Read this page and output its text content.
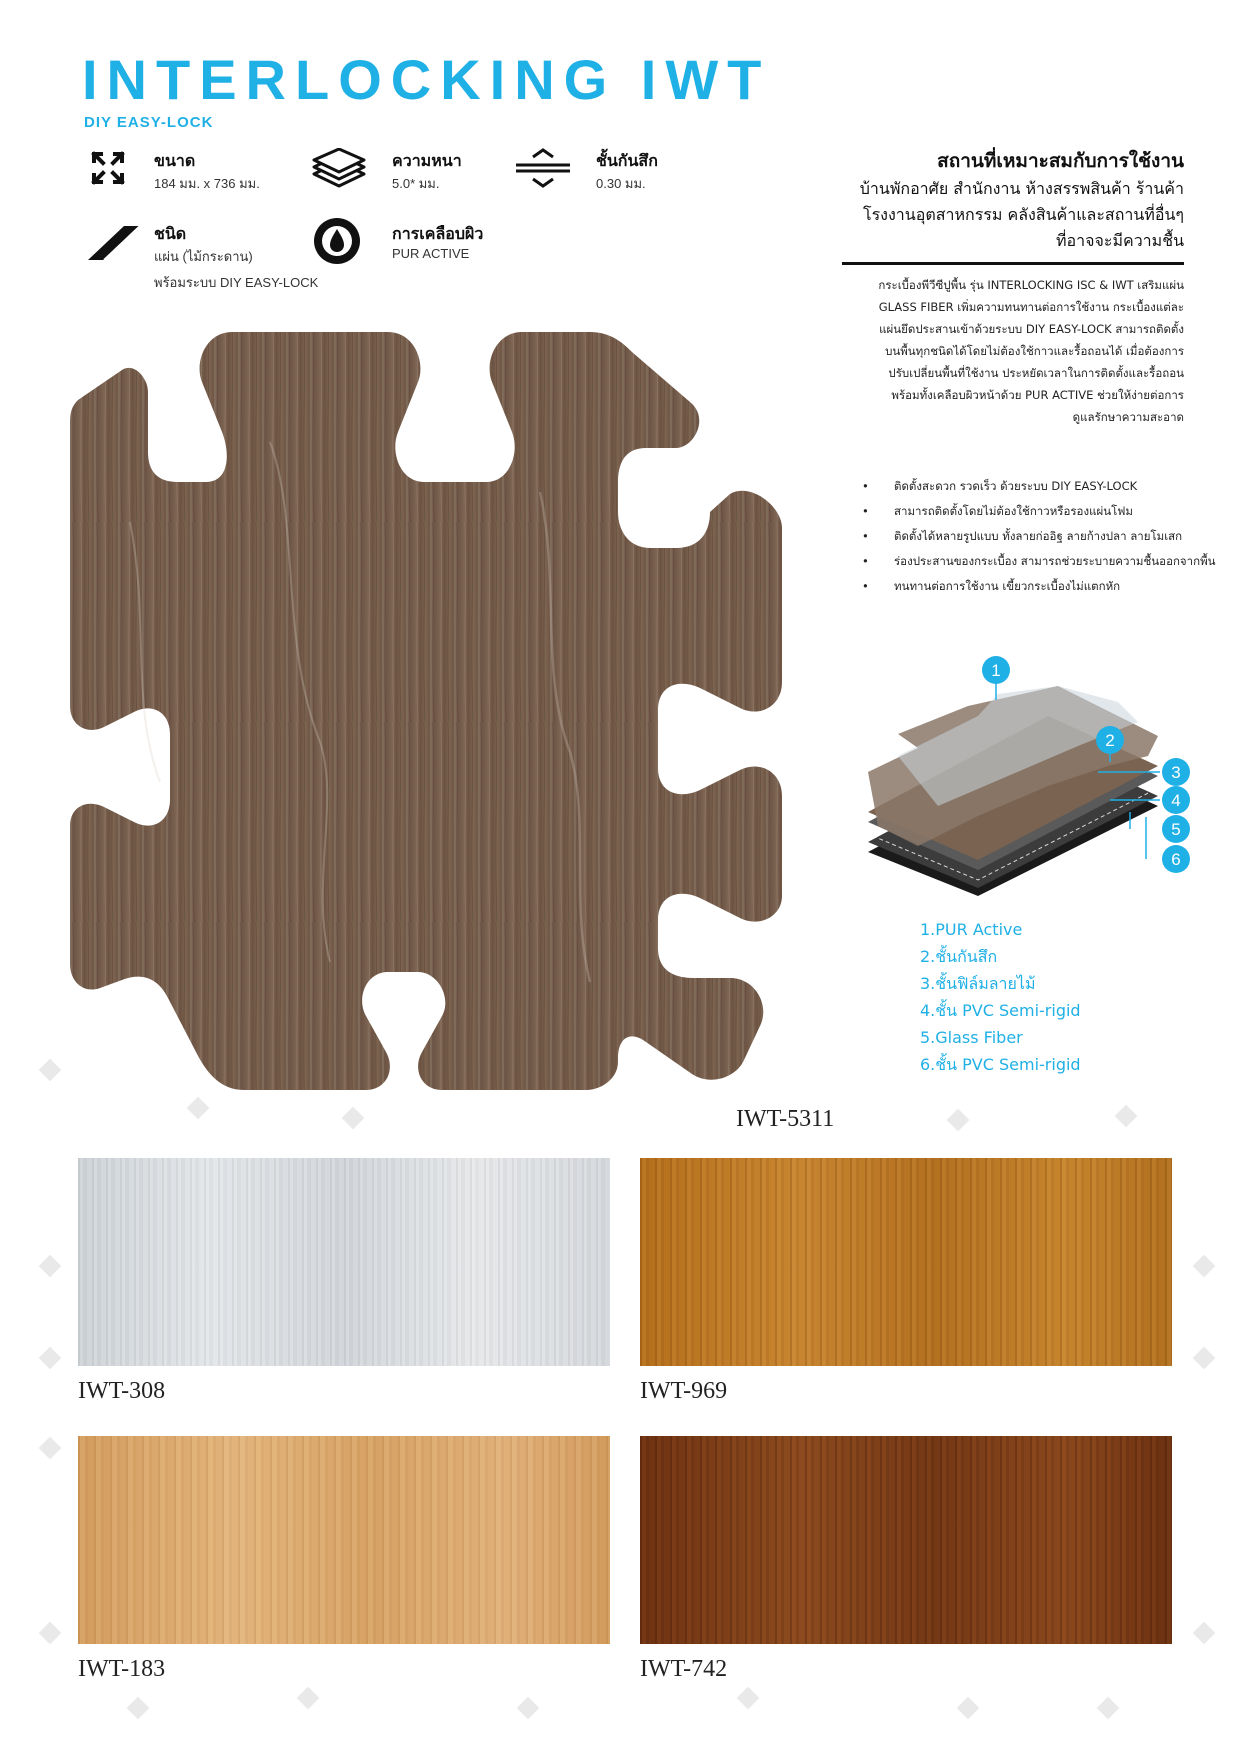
INTERLOCKING IWT
DIY EASY-LOCK
ขนาด
184 มม. x 736 มม.
ความหนา
5.0* มม.
ชั้นกันสึก
0.30 มม.
ชนิด
แผ่น (ไม้กระดาน)
พร้อมระบบ DIY EASY-LOCK
การเคลือบผิว
PUR ACTIVE
สถานที่เหมาะสมกับการใช้งาน
บ้านพักอาศัย สำนักงาน ห้างสรรพสินค้า ร้านค้า
โรงงานอุตสาหกรรม คลังสินค้าและสถานที่อื่นๆ
ที่อาจจะมีความชื้น
กระเบื้องพีวีซีปูพื้น รุ่น INTERLOCKING ISC & IWT เสริมแผ่น
GLASS FIBER เพิ่มความทนทานต่อการใช้งาน กระเบื้องแต่ละ
แผ่นยึดประสานเข้าด้วยระบบ DIY EASY-LOCK สามารถติดตั้ง
บนพื้นทุกชนิดได้โดยไม่ต้องใช้กาวและรื้อถอนได้ เมื่อต้องการ
ปรับเปลี่ยนพื้นที่ใช้งาน ประหยัดเวลาในการติดตั้งและรื้อถอน
พร้อมทั้งเคลือบผิวหน้าด้วย PUR ACTIVE ช่วยให้ง่ายต่อการ
ดูแลรักษาความสะอาด
• ติดตั้งสะดวก รวดเร็ว ด้วยระบบ DIY EASY-LOCK
• สามารถติดตั้งโดยไม่ต้องใช้กาวหรือรองแผ่นโฟม
• ติดตั้งได้หลายรูปแบบ ทั้งลายก่ออิฐ ลายก้างปลา ลายโมเสก
• ร่องประสานของกระเบื้อง สามารถช่วยระบายความชื้นออกจากพื้น
• ทนทานต่อการใช้งาน เขี้ยวกระเบื้องไม่แตกหัก
IWT-5311
1
2
3
4
5
6
1.PUR Active
2.ชั้นกันสึก
3.ชั้นฟิล์มลายไม้
4.ชั้น PVC Semi-rigid
5.Glass Fiber
6.ชั้น PVC Semi-rigid
IWT-308	IWT-969
IWT-183	IWT-742
